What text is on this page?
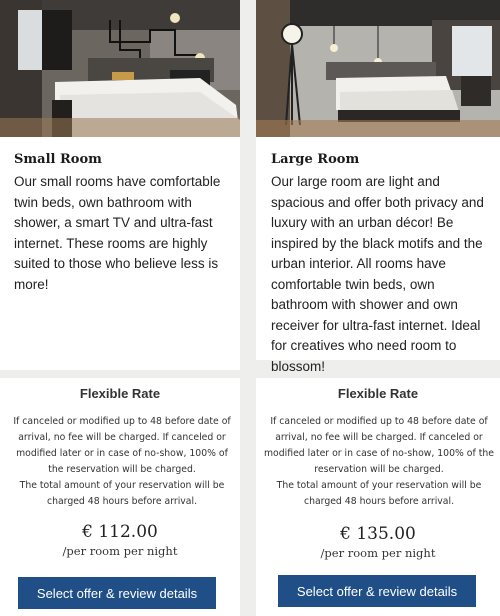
Small Room

Our small rooms have comfortable twin beds, own bathroom with shower, a smart TV and ultra-fast internet. These rooms are highly suited to those who believe less is more!

Large Room

Our large room are light and spacious and offer both privacy and luxury with an urban décor! Be inspired by the black motifs and the urban interior. All rooms have comfortable twin beds, own bathroom with shower and own receiver for ultra-fast internet. Ideal for creatives who need room to blossom!

Flexible Rate

If canceled or modified up to 48 before date of arrival, no fee will be charged. If canceled or modified later or in case of no-show, 100% of the reservation will be charged.

The total amount of your reservation will be charged 48 hours before arrival.

€ 112.00
/per room per night
Select offer & review details
Flexible Rate

If canceled or modified up to 48 before date of arrival, no fee will be charged. If canceled or modified later or in case of no-show, 100% of the reservation will be charged.

The total amount of your reservation will be charged 48 hours before arrival.

€ 135.00
/per room per night
Select offer & review details
